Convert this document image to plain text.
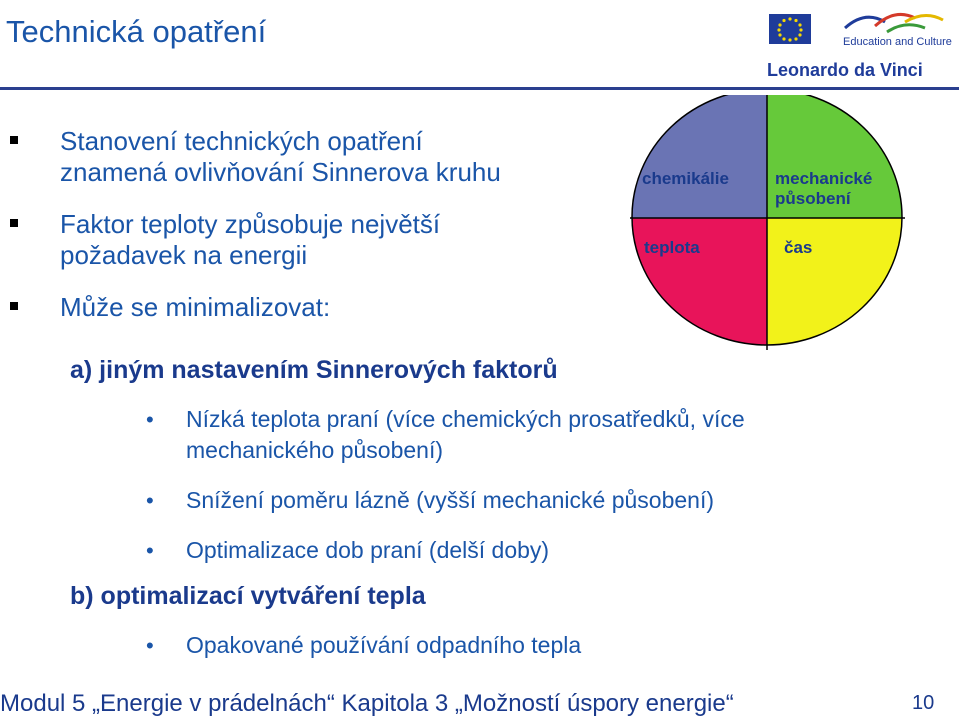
Technická opatření	Education and Culture
Leonardo da Vinci
Stanovení technických opatření
znamená ovlivňování Sinnerova kruhu
Faktor teploty způsobuje největší
požadavek na energii
Může se minimalizovat:
chemikálie	mechanické
působení
teplota	čas
a) jiným nastavením Sinnerových faktorů
• Nízká teplota praní (více chemických prosatředků, více
mechanického působení)
• Snížení poměru lázně (vyšší mechanické působení)
• Optimalizace dob praní (delší doby)
b) optimalizací vytváření tepla
• Opakované používání odpadního tepla
Modul 5 „Energie v prádelnách“ Kapitola 3 „Možností úspory energie“	10
